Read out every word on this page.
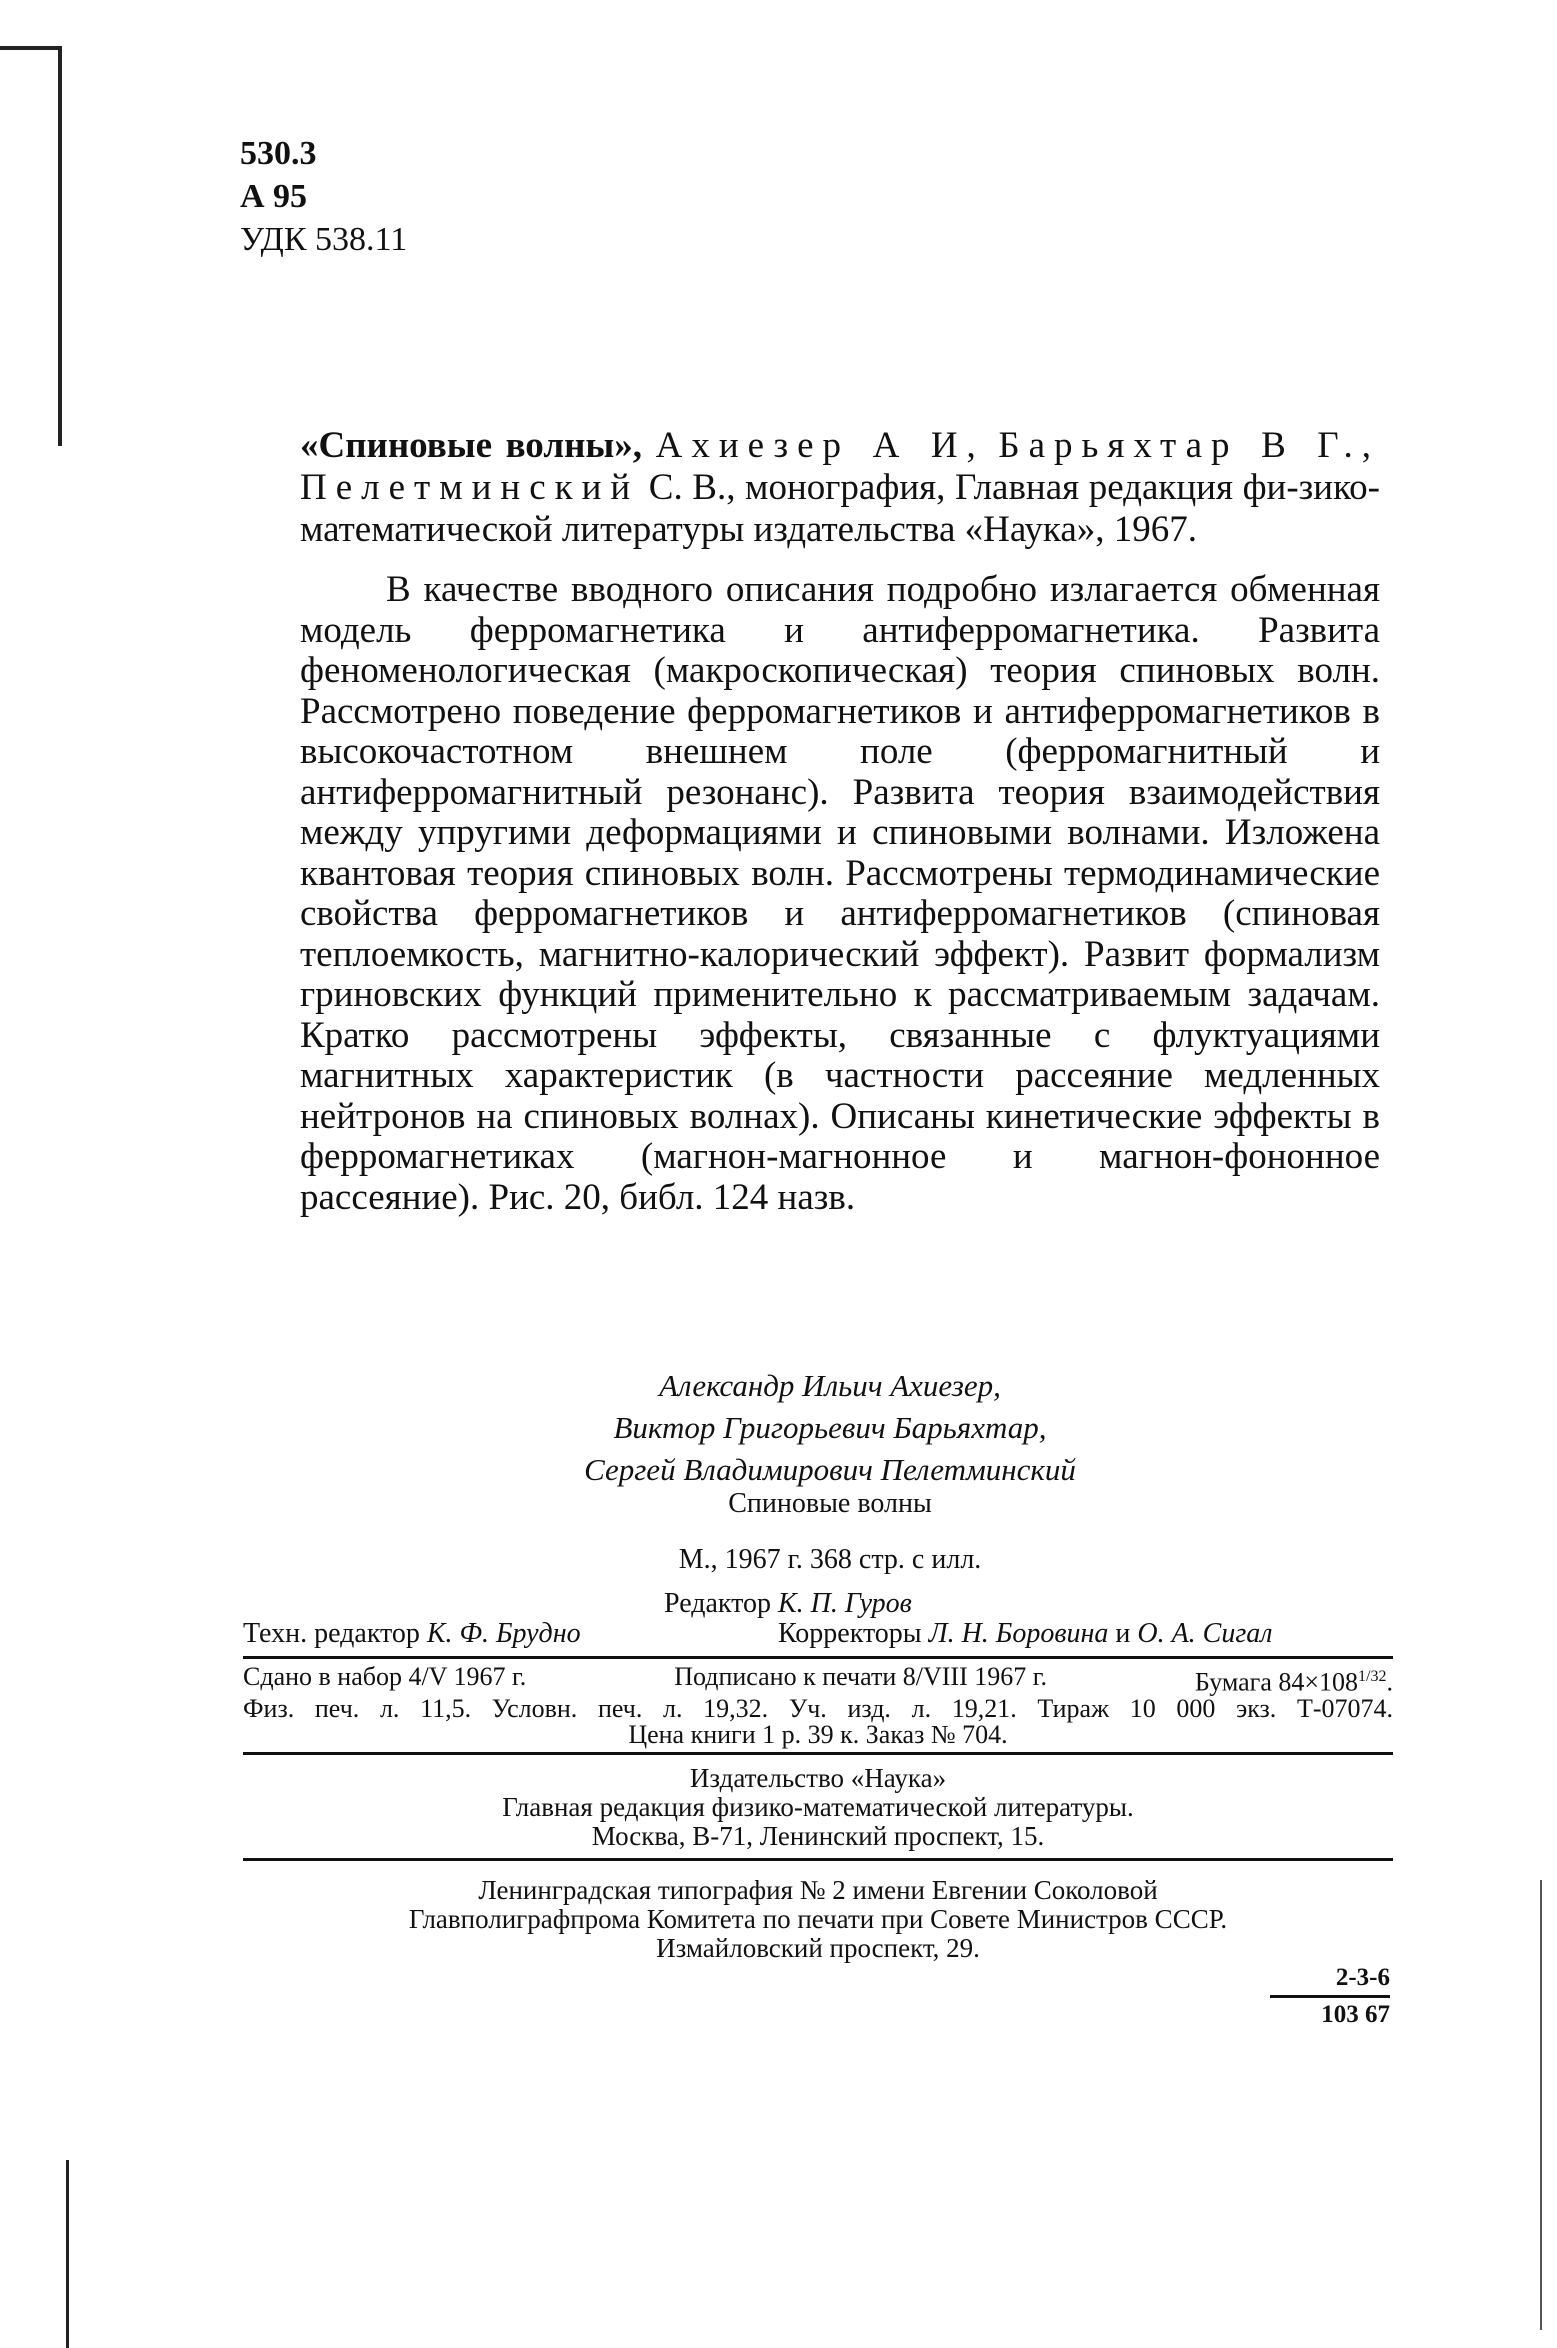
530.3
А 95
УДК 538.11
«Спиновые волны», Ахиезер А И, Барьяхтар В Г., Пелетминский С. В., монография, Главная редакция фи-зико-математической литературы издательства «Наука», 1967.
В качестве вводного описания подробно излагается обменная модель ферромагнетика и антиферромагнетика. Развита феноменологическая (макроскопическая) теория спиновых волн. Рассмотрено поведение ферромагнетиков и антиферромагнетиков в высокочастотном внешнем поле (ферромагнитный и антиферромагнитный резонанс). Развита теория взаимодействия между упругими деформациями и спиновыми волнами. Изложена квантовая теория спиновых волн. Рассмотрены термодинамические свойства ферромагнетиков и антиферромагнетиков (спиновая теплоемкость, магнитно-калорический эффект). Развит формализм гриновских функций применительно к рассматриваемым задачам. Кратко рассмотрены эффекты, связанные с флуктуациями магнитных характеристик (в частности рассеяние медленных нейтронов на спиновых волнах). Описаны кинетические эффекты в ферромагнетиках (магнон-магнонное и магнон-фононное рассеяние). Рис. 20, библ. 124 назв.
Александр Ильич Ахиезер,
Виктор Григорьевич Барьяхтар,
Сергей Владимирович Пелетминский
Спиновые волны
М., 1967 г. 368 стр. с илл.
Редактор К. П. Гуров
Техн. редактор К. Ф. Брудно	Корректоры Л. Н. Боровина и О. А. Сигал
Сдано в набор 4/V 1967 г.	Подписано к печати 8/VIII 1967 г.	Бумага $84\times 108^{1/32}$.
Физ. печ. л. 11,5. Условн. печ. л. 19,32. Уч. изд. л. 19,21. Тираж 10 000 экз. Т-07074.
Цена книги 1 р. 39 к. Заказ № 704.
Издательство «Наука»
Главная редакция физико-математической литературы.
Москва, В-71, Ленинский проспект, 15.
Ленинградская типография № 2 имени Евгении Соколовой
Главполиграфпрома Комитета по печати при Совете Министров СССР.
Измайловский проспект, 29.
2-3-6
103 67
